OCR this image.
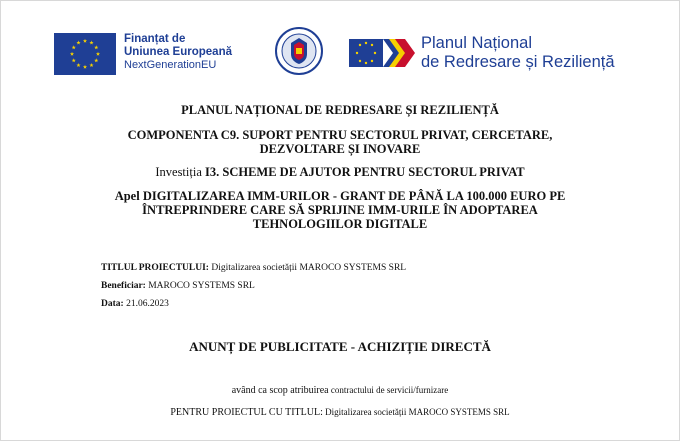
Finanțat de
Uniunea Europeană
NextGenerationEU
Planul Național
de Redresare și Reziliență
PLANUL NAȚIONAL DE REDRESARE ȘI REZILIENȚĂ
COMPONENTA C9. SUPORT PENTRU SECTORUL PRIVAT, CERCETARE,
DEZVOLTARE ȘI INOVARE
Investiția I3. SCHEME DE AJUTOR PENTRU SECTORUL PRIVAT
Apel DIGITALIZAREA IMM-URILOR - GRANT DE PÂNĂ LA 100.000 EURO PE
ÎNTREPRINDERE CARE SĂ SPRIJINE IMM-URILE ÎN ADOPTAREA
TEHNOLOGIILOR DIGITALE
TITLUL PROIECTULUI: Digitalizarea societății MAROCO SYSTEMS SRL
Beneficiar: MAROCO SYSTEMS SRL
Data: 21.06.2023
ANUNȚ DE PUBLICITATE - ACHIZIȚIE DIRECTĂ
având ca scop atribuirea contractului de servicii/furnizare
PENTRU PROIECTUL CU TITLUL: Digitalizarea societății MAROCO SYSTEMS SRL
